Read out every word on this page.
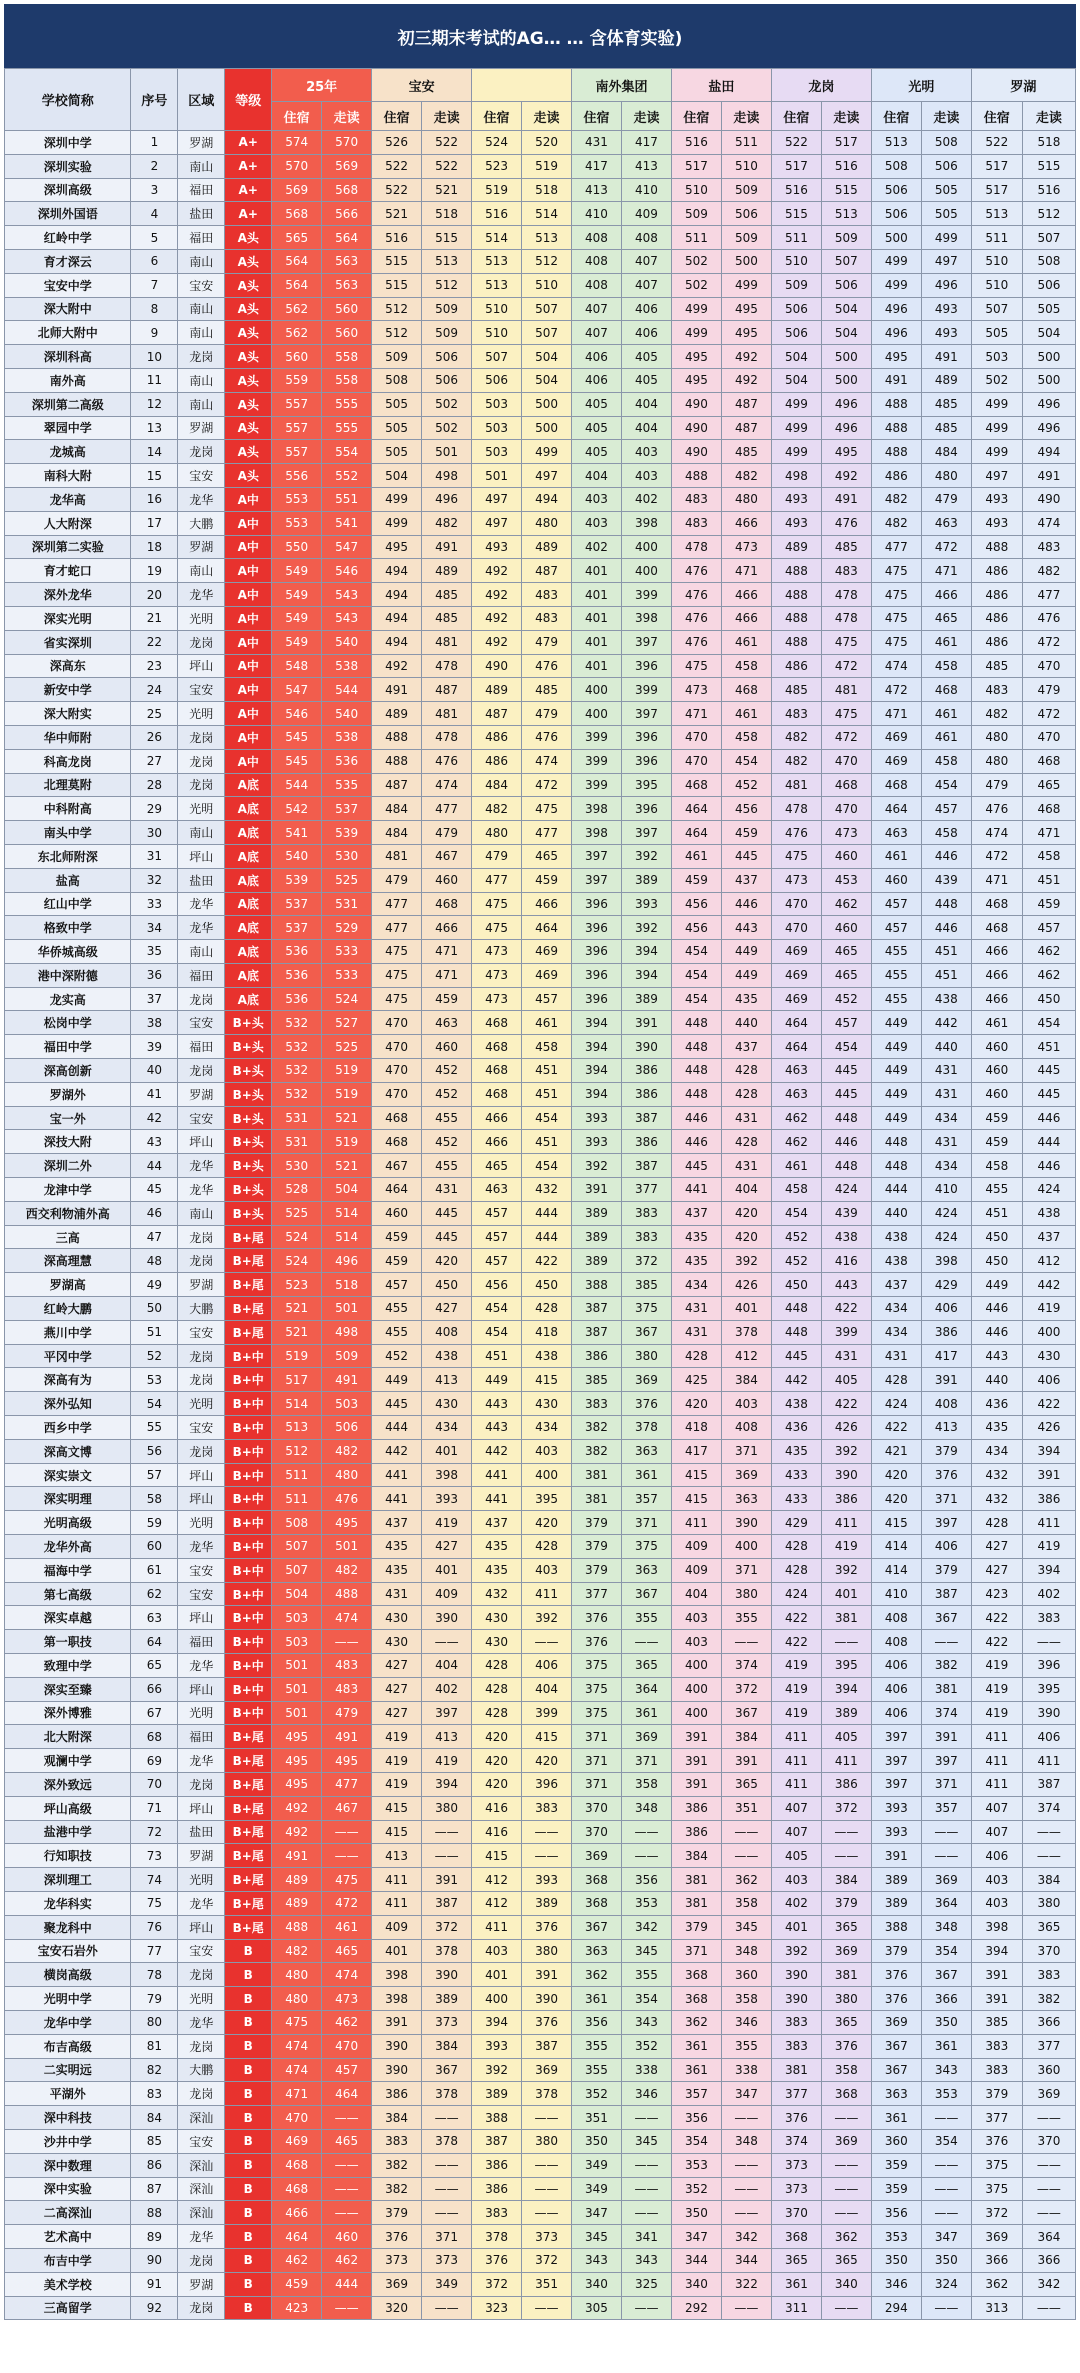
初三期末考试的AG… … 含体育实验)
学校简称	序号	区域	等级	25年		宝安				南外集团		盐田		龙岗		光明		罗湖	
				住宿	走读	住宿	走读	住宿	走读	住宿	走读	住宿	走读	住宿	走读	住宿	走读	住宿	走读
深圳中学	1	罗湖	A+	574	570	526	522	524	520	431	417	516	511	522	517	513	508	522	518
深圳实验	2	南山	A+	570	569	522	522	523	519	417	413	517	510	517	516	508	506	517	515
深圳高级	3	福田	A+	569	568	522	521	519	518	413	410	510	509	516	515	506	505	517	516
深圳外国语	4	盐田	A+	568	566	521	518	516	514	410	409	509	506	515	513	506	505	513	512
红岭中学	5	福田	A头	565	564	516	515	514	513	408	408	511	509	511	509	500	499	511	507
育才深云	6	南山	A头	564	563	515	513	513	512	408	407	502	500	510	507	499	497	510	508
宝安中学	7	宝安	A头	564	563	515	512	513	510	408	407	502	499	509	506	499	496	510	506
深大附中	8	南山	A头	562	560	512	509	510	507	407	406	499	495	506	504	496	493	507	505
北师大附中	9	南山	A头	562	560	512	509	510	507	407	406	499	495	506	504	496	493	505	504
深圳科高	10	龙岗	A头	560	558	509	506	507	504	406	405	495	492	504	500	495	491	503	500
南外高	11	南山	A头	559	558	508	506	506	504	406	405	495	492	504	500	491	489	502	500
深圳第二高级	12	南山	A头	557	555	505	502	503	500	405	404	490	487	499	496	488	485	499	496
翠园中学	13	罗湖	A头	557	555	505	502	503	500	405	404	490	487	499	496	488	485	499	496
龙城高	14	龙岗	A头	557	554	505	501	503	499	405	403	490	485	499	495	488	484	499	494
南科大附	15	宝安	A头	556	552	504	498	501	497	404	403	488	482	498	492	486	480	497	491
龙华高	16	龙华	A中	553	551	499	496	497	494	403	402	483	480	493	491	482	479	493	490
人大附深	17	大鹏	A中	553	541	499	482	497	480	403	398	483	466	493	476	482	463	493	474
深圳第二实验	18	罗湖	A中	550	547	495	491	493	489	402	400	478	473	489	485	477	472	488	483
育才蛇口	19	南山	A中	549	546	494	489	492	487	401	400	476	471	488	483	475	471	486	482
深外龙华	20	龙华	A中	549	543	494	485	492	483	401	399	476	466	488	478	475	466	486	477
深实光明	21	光明	A中	549	543	494	485	492	483	401	398	476	466	488	478	475	465	486	476
省实深圳	22	龙岗	A中	549	540	494	481	492	479	401	397	476	461	488	475	475	461	486	472
深高东	23	坪山	A中	548	538	492	478	490	476	401	396	475	458	486	472	474	458	485	470
新安中学	24	宝安	A中	547	544	491	487	489	485	400	399	473	468	485	481	472	468	483	479
深大附实	25	光明	A中	546	540	489	481	487	479	400	397	471	461	483	475	471	461	482	472
华中师附	26	龙岗	A中	545	538	488	478	486	476	399	396	470	458	482	472	469	461	480	470
科高龙岗	27	龙岗	A中	545	536	488	476	486	474	399	396	470	454	482	470	469	458	480	468
北理莫附	28	龙岗	A底	544	535	487	474	484	472	399	395	468	452	481	468	468	454	479	465
中科附高	29	光明	A底	542	537	484	477	482	475	398	396	464	456	478	470	464	457	476	468
南头中学	30	南山	A底	541	539	484	479	480	477	398	397	464	459	476	473	463	458	474	471
东北师附深	31	坪山	A底	540	530	481	467	479	465	397	392	461	445	475	460	461	446	472	458
盐高	32	盐田	A底	539	525	479	460	477	459	397	389	459	437	473	453	460	439	471	451
红山中学	33	龙华	A底	537	531	477	468	475	466	396	393	456	446	470	462	457	448	468	459
格致中学	34	龙华	A底	537	529	477	466	475	464	396	392	456	443	470	460	457	446	468	457
华侨城高级	35	南山	A底	536	533	475	471	473	469	396	394	454	449	469	465	455	451	466	462
港中深附德	36	福田	A底	536	533	475	471	473	469	396	394	454	449	469	465	455	451	466	462
龙实高	37	龙岗	A底	536	524	475	459	473	457	396	389	454	435	469	452	455	438	466	450
松岗中学	38	宝安	B+头	532	527	470	463	468	461	394	391	448	440	464	457	449	442	461	454
福田中学	39	福田	B+头	532	525	470	460	468	458	394	390	448	437	464	454	449	440	460	451
深高创新	40	龙岗	B+头	532	519	470	452	468	451	394	386	448	428	463	445	449	431	460	445
罗湖外	41	罗湖	B+头	532	519	470	452	468	451	394	386	448	428	463	445	449	431	460	445
宝一外	42	宝安	B+头	531	521	468	455	466	454	393	387	446	431	462	448	449	434	459	446
深技大附	43	坪山	B+头	531	519	468	452	466	451	393	386	446	428	462	446	448	431	459	444
深圳二外	44	龙华	B+头	530	521	467	455	465	454	392	387	445	431	461	448	448	434	458	446
龙津中学	45	龙华	B+头	528	504	464	431	463	432	391	377	441	404	458	424	444	410	455	424
西交利物浦外高	46	南山	B+头	525	514	460	445	457	444	389	383	437	420	454	439	440	424	451	438
三高	47	龙岗	B+尾	524	514	459	445	457	444	389	383	435	420	452	438	438	424	450	437
深高理慧	48	龙岗	B+尾	524	496	459	420	457	422	389	372	435	392	452	416	438	398	450	412
罗湖高	49	罗湖	B+尾	523	518	457	450	456	450	388	385	434	426	450	443	437	429	449	442
红岭大鹏	50	大鹏	B+尾	521	501	455	427	454	428	387	375	431	401	448	422	434	406	446	419
燕川中学	51	宝安	B+尾	521	498	455	408	454	418	387	367	431	378	448	399	434	386	446	400
平冈中学	52	龙岗	B+中	519	509	452	438	451	438	386	380	428	412	445	431	431	417	443	430
深高有为	53	龙岗	B+中	517	491	449	413	449	415	385	369	425	384	442	405	428	391	440	406
深外弘知	54	光明	B+中	514	503	445	430	443	430	383	376	420	403	438	422	424	408	436	422
西乡中学	55	宝安	B+中	513	506	444	434	443	434	382	378	418	408	436	426	422	413	435	426
深高文博	56	龙岗	B+中	512	482	442	401	442	403	382	363	417	371	435	392	421	379	434	394
深实崇文	57	坪山	B+中	511	480	441	398	441	400	381	361	415	369	433	390	420	376	432	391
深实明理	58	坪山	B+中	511	476	441	393	441	395	381	357	415	363	433	386	420	371	432	386
光明高级	59	光明	B+中	508	495	437	419	437	420	379	371	411	390	429	411	415	397	428	411
龙华外高	60	龙华	B+中	507	501	435	427	435	428	379	375	409	400	428	419	414	406	427	419
福海中学	61	宝安	B+中	507	482	435	401	435	403	379	363	409	371	428	392	414	379	427	394
第七高级	62	宝安	B+中	504	488	431	409	432	411	377	367	404	380	424	401	410	387	423	402
深实卓越	63	坪山	B+中	503	474	430	390	430	392	376	355	403	355	422	381	408	367	422	383
第一职技	64	福田	B+中	503	——	430	——	430	——	376	——	403	——	422	——	408	——	422	——
致理中学	65	龙华	B+中	501	483	427	404	428	406	375	365	400	374	419	395	406	382	419	396
深实至臻	66	坪山	B+中	501	483	427	402	428	404	375	364	400	372	419	394	406	381	419	395
深外博雅	67	光明	B+中	501	479	427	397	428	399	375	361	400	367	419	389	406	374	419	390
北大附深	68	福田	B+尾	495	491	419	413	420	415	371	369	391	384	411	405	397	391	411	406
观澜中学	69	龙华	B+尾	495	495	419	419	420	420	371	371	391	391	411	411	397	397	411	411
深外致远	70	龙岗	B+尾	495	477	419	394	420	396	371	358	391	365	411	386	397	371	411	387
坪山高级	71	坪山	B+尾	492	467	415	380	416	383	370	348	386	351	407	372	393	357	407	374
盐港中学	72	盐田	B+尾	492	——	415	——	416	——	370	——	386	——	407	——	393	——	407	——
行知职技	73	罗湖	B+尾	491	——	413	——	415	——	369	——	384	——	405	——	391	——	406	——
深圳理工	74	光明	B+尾	489	475	411	391	412	393	368	356	381	362	403	384	389	369	403	384
龙华科实	75	龙华	B+尾	489	472	411	387	412	389	368	353	381	358	402	379	389	364	403	380
聚龙科中	76	坪山	B+尾	488	461	409	372	411	376	367	342	379	345	401	365	388	348	398	365
宝安石岩外	77	宝安	B	482	465	401	378	403	380	363	345	371	348	392	369	379	354	394	370
横岗高级	78	龙岗	B	480	474	398	390	401	391	362	355	368	360	390	381	376	367	391	383
光明中学	79	光明	B	480	473	398	389	400	390	361	354	368	358	390	380	376	366	391	382
龙华中学	80	龙华	B	475	462	391	373	394	376	356	343	362	346	383	365	369	350	385	366
布吉高级	81	龙岗	B	474	470	390	384	393	387	355	352	361	355	383	376	367	361	383	377
二实明远	82	大鹏	B	474	457	390	367	392	369	355	338	361	338	381	358	367	343	383	360
平湖外	83	龙岗	B	471	464	386	378	389	378	352	346	357	347	377	368	363	353	379	369
深中科技	84	深汕	B	470	——	384	——	388	——	351	——	356	——	376	——	361	——	377	——
沙井中学	85	宝安	B	469	465	383	378	387	380	350	345	354	348	374	369	360	354	376	370
深中数理	86	深汕	B	468	——	382	——	386	——	349	——	353	——	373	——	359	——	375	——
深中实验	87	深汕	B	468	——	382	——	386	——	349	——	352	——	373	——	359	——	375	——
二高深汕	88	深汕	B	466	——	379	——	383	——	347	——	350	——	370	——	356	——	372	——
艺术高中	89	龙华	B	464	460	376	371	378	373	345	341	347	342	368	362	353	347	369	364
布吉中学	90	龙岗	B	462	462	373	373	376	372	343	343	344	344	365	365	350	350	366	366
美术学校	91	罗湖	B	459	444	369	349	372	351	340	325	340	322	361	340	346	324	362	342
三高留学	92	龙岗	B	423	——	320	——	323	——	305	——	292	——	311	——	294	——	313	——
